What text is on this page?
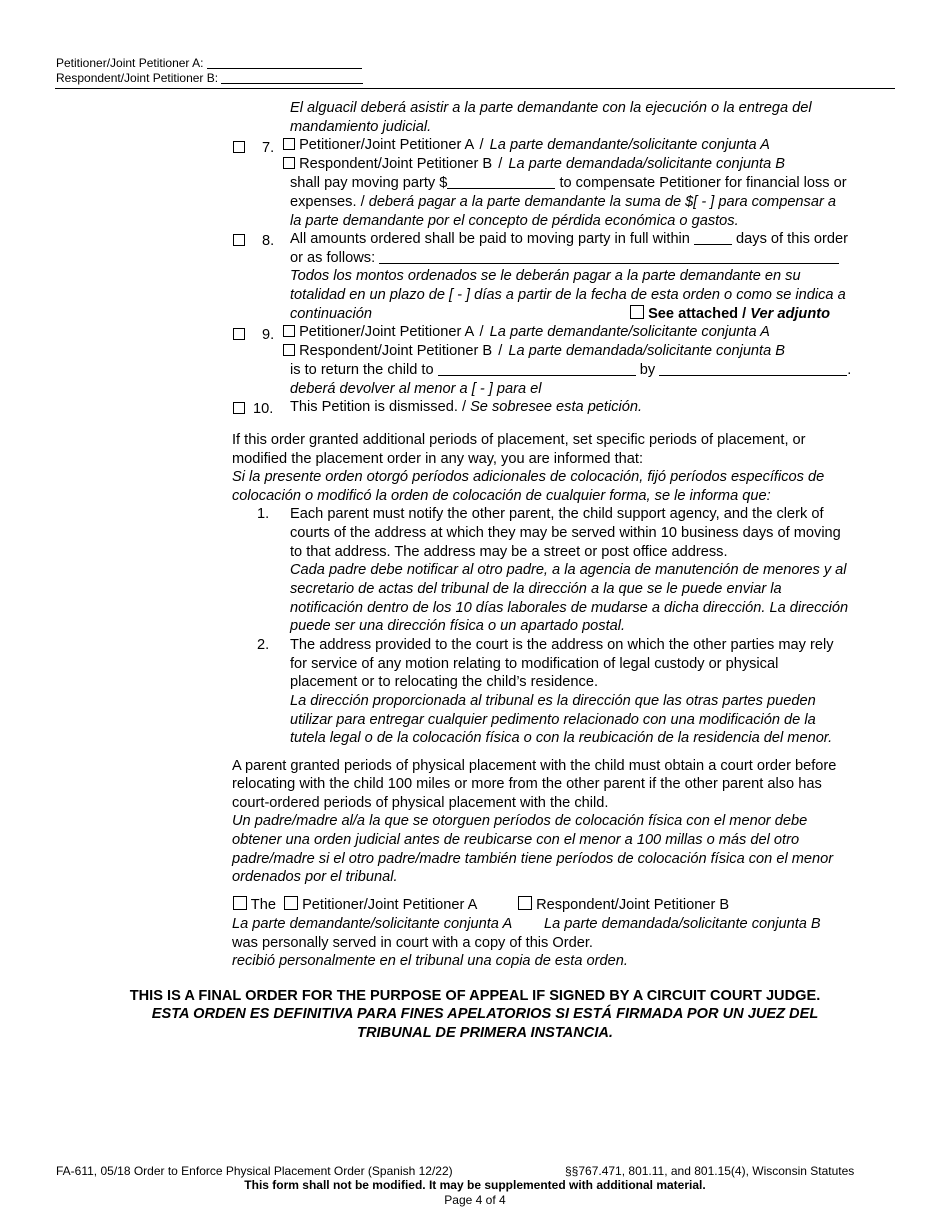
Petitioner/Joint Petitioner A:
Respondent/Joint Petitioner B:
El alguacil deberá asistir a la parte demandante con la ejecución o la entrega del
mandamiento judicial.
7.	Petitioner/Joint Petitioner A / La parte demandante/solicitante conjunta A
Respondent/Joint Petitioner B / La parte demandada/solicitante conjunta B
shall pay moving party $	to compensate Petitioner for financial loss or
expenses. / deberá pagar a la parte demandante la suma de $[ - ] para compensar a
la parte demandante por el concepto de pérdida económica o gastos.
8. All amounts ordered shall be paid to moving party in full within	days of this order
or as follows:
Todos los montos ordenados se le deberán pagar a la parte demandante en su
totalidad en un plazo de [ - ] días a partir de la fecha de esta orden o como se indica a
continuación	See attached / Ver adjunto
9.	Petitioner/Joint Petitioner A / La parte demandante/solicitante conjunta A
Respondent/Joint Petitioner B / La parte demandada/solicitante conjunta B
is to return the child to	by	.
deberá devolver al menor a [ - ] para el
10. This Petition is dismissed. / Se sobresee esta petición.
If this order granted additional periods of placement, set specific periods of placement, or
modified the placement order in any way, you are informed that:
Si la presente orden otorgó períodos adicionales de colocación, fijó períodos específicos de
colocación o modificó la orden de colocación de cualquier forma, se le informa que:
1. Each parent must notify the other parent, the child support agency, and the clerk of
courts of the address at which they may be served within 10 business days of moving
to that address. The address may be a street or post office address.
Cada padre debe notificar al otro padre, a la agencia de manutención de menores y al
secretario de actas del tribunal de la dirección a la que se le puede enviar la
notificación dentro de los 10 días laborales de mudarse a dicha dirección. La dirección
puede ser una dirección física o un apartado postal.
2. The address provided to the court is the address on which the other parties may rely
for service of any motion relating to modification of legal custody or physical
placement or to relocating the child’s residence.
La dirección proporcionada al tribunal es la dirección que las otras partes pueden
utilizar para entregar cualquier pedimento relacionado con una modificación de la
tutela legal o de la colocación física o con la reubicación de la residencia del menor.
A parent granted periods of physical placement with the child must obtain a court order before
relocating with the child 100 miles or more from the other parent if the other parent also has
court-ordered periods of physical placement with the child.
Un padre/madre al/a la que se otorguen períodos de colocación física con el menor debe
obtener una orden judicial antes de reubicarse con el menor a 100 millas o más del otro
padre/madre si el otro padre/madre también tiene períodos de colocación física con el menor
ordenados por el tribunal.
The Petitioner/Joint Petitioner A	Respondent/Joint Petitioner B
La parte demandante/solicitante conjunta A La parte demandada/solicitante conjunta B
was personally served in court with a copy of this Order.
recibió personalmente en el tribunal una copia de esta orden.
THIS IS A FINAL ORDER FOR THE PURPOSE OF APPEAL IF SIGNED BY A CIRCUIT COURT JUDGE.
ESTA ORDEN ES DEFINITIVA PARA FINES APELATORIOS SI ESTÁ FIRMADA POR UN JUEZ DEL
TRIBUNAL DE PRIMERA INSTANCIA.
FA-611, 05/18 Order to Enforce Physical Placement Order (Spanish 12/22)	§§767.471, 801.11, and 801.15(4), Wisconsin Statutes
This form shall not be modified. It may be supplemented with additional material.
Page 4 of 4
